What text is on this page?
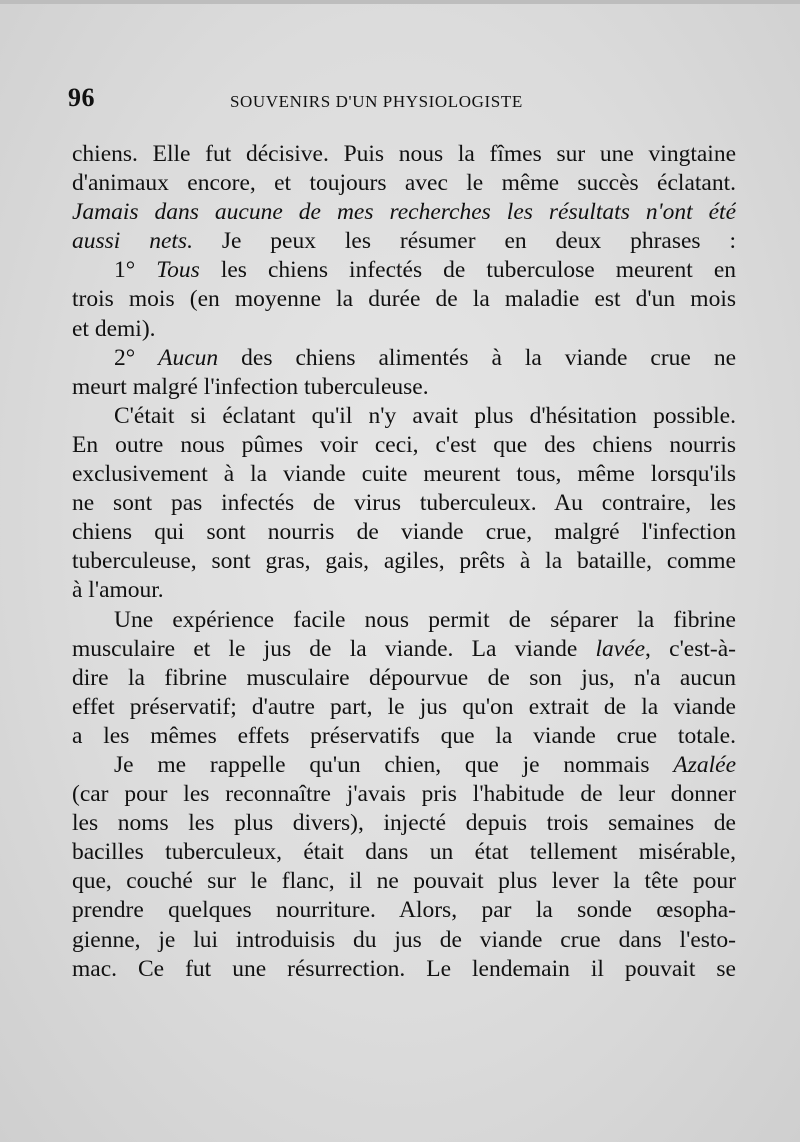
96	SOUVENIRS D'UN PHYSIOLOGISTE
chiens. Elle fut décisive. Puis nous la fîmes sur une vingtaine
d'animaux encore, et toujours avec le même succès éclatant.
Jamais dans aucune de mes recherches les résultats n'ont été
aussi nets. Je peux les résumer en deux phrases :
1° Tous les chiens infectés de tuberculose meurent en
trois mois (en moyenne la durée de la maladie est d'un mois
et demi).
2° Aucun des chiens alimentés à la viande crue ne
meurt malgré l'infection tuberculeuse.
C'était si éclatant qu'il n'y avait plus d'hésitation possible.
En outre nous pûmes voir ceci, c'est que des chiens nourris
exclusivement à la viande cuite meurent tous, même lorsqu'ils
ne sont pas infectés de virus tuberculeux. Au contraire, les
chiens qui sont nourris de viande crue, malgré l'infection
tuberculeuse, sont gras, gais, agiles, prêts à la bataille, comme
à l'amour.
Une expérience facile nous permit de séparer la fibrine
musculaire et le jus de la viande. La viande lavée, c'est-à-
dire la fibrine musculaire dépourvue de son jus, n'a aucun
effet préservatif; d'autre part, le jus qu'on extrait de la viande
a les mêmes effets préservatifs que la viande crue totale.
Je me rappelle qu'un chien, que je nommais Azalée
(car pour les reconnaître j'avais pris l'habitude de leur donner
les noms les plus divers), injecté depuis trois semaines de
bacilles tuberculeux, était dans un état tellement misérable,
que, couché sur le flanc, il ne pouvait plus lever la tête pour
prendre quelques nourriture. Alors, par la sonde œsopha-
gienne, je lui introduisis du jus de viande crue dans l'esto-
mac. Ce fut une résurrection. Le lendemain il pouvait se
